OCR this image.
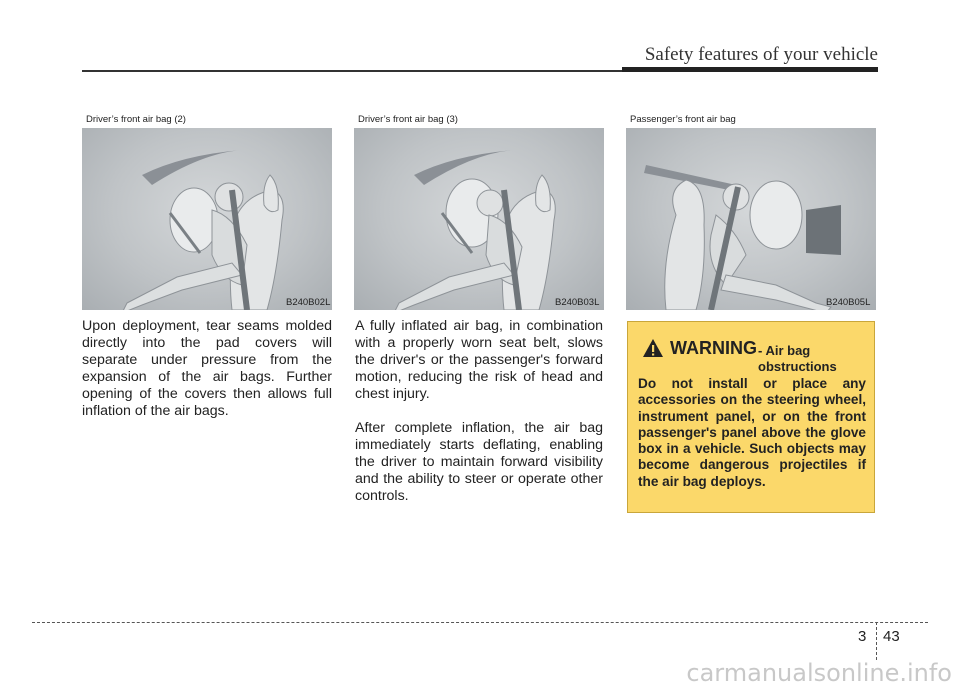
Safety features of your vehicle
Driver’s front air bag (2)
B240B02L
Driver’s front air bag (3)
B240B03L
Passenger’s front air bag
B240B05L

Upon deployment, tear seams molded directly into the pad covers will separate under pressure from the expansion of the air bags. Further opening of the covers then allows full inflation of the air bags.

A fully inflated air bag, in combination with a properly worn seat belt, slows the driver's or the passenger's forward motion, reducing the risk of head and chest injury.

After complete inflation, the air bag immediately starts deflating, enabling the driver to maintain forward visibility and the ability to steer or operate other controls.

WARNING - Air bag obstructions

Do not install or place any accessories on the steering wheel, instrument panel, or on the front passenger's panel above the glove box in a vehicle. Such objects may become dangerous projectiles if the air bag deploys.

3 43
carmanualsonline.info
